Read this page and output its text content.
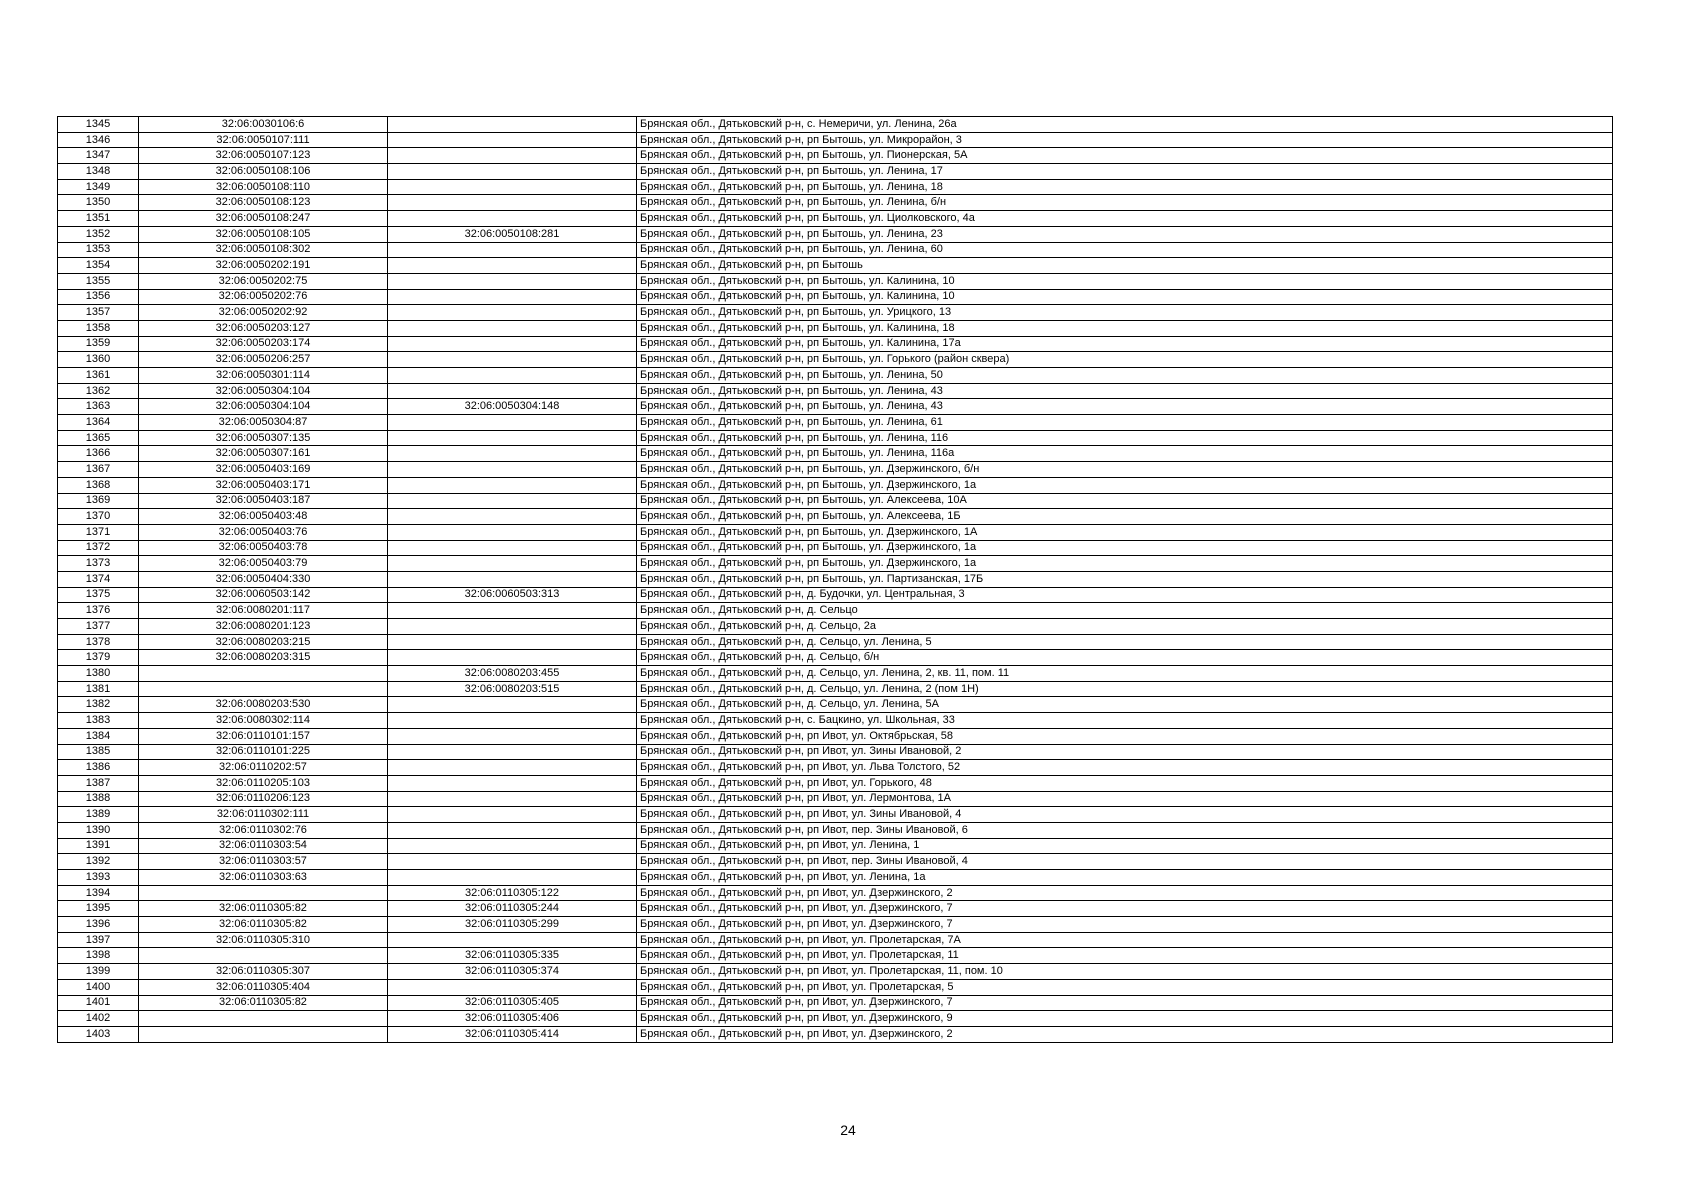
1345	32:06:0030106:6		Брянская обл., Дятьковский р-н, с. Немеричи, ул. Ленина, 26а
1346	32:06:0050107:111		Брянская обл., Дятьковский р-н, рп Бытошь, ул. Микрорайон, 3
1347	32:06:0050107:123		Брянская обл., Дятьковский р-н, рп Бытошь, ул. Пионерская, 5А
1348	32:06:0050108:106		Брянская обл., Дятьковский р-н, рп Бытошь, ул. Ленина, 17
1349	32:06:0050108:110		Брянская обл., Дятьковский р-н, рп Бытошь, ул. Ленина, 18
1350	32:06:0050108:123		Брянская обл., Дятьковский р-н, рп Бытошь, ул. Ленина, б/н
1351	32:06:0050108:247		Брянская обл., Дятьковский р-н, рп Бытошь, ул. Циолковского, 4а
1352	32:06:0050108:105	32:06:0050108:281	Брянская обл., Дятьковский р-н, рп Бытошь, ул. Ленина, 23
1353	32:06:0050108:302		Брянская обл., Дятьковский р-н, рп Бытошь, ул. Ленина, 60
1354	32:06:0050202:191		Брянская обл., Дятьковский р-н, рп Бытошь
1355	32:06:0050202:75		Брянская обл., Дятьковский р-н, рп Бытошь, ул. Калинина, 10
1356	32:06:0050202:76		Брянская обл., Дятьковский р-н, рп Бытошь, ул. Калинина, 10
1357	32:06:0050202:92		Брянская обл., Дятьковский р-н, рп Бытошь, ул. Урицкого, 13
1358	32:06:0050203:127		Брянская обл., Дятьковский р-н, рп Бытошь, ул. Калинина, 18
1359	32:06:0050203:174		Брянская обл., Дятьковский р-н, рп Бытошь, ул. Калинина, 17а
1360	32:06:0050206:257		Брянская обл., Дятьковский р-н, рп Бытошь, ул. Горького (район сквера)
1361	32:06:0050301:114		Брянская обл., Дятьковский р-н, рп Бытошь, ул. Ленина, 50
1362	32:06:0050304:104		Брянская обл., Дятьковский р-н, рп Бытошь, ул. Ленина, 43
1363	32:06:0050304:104	32:06:0050304:148	Брянская обл., Дятьковский р-н, рп Бытошь, ул. Ленина, 43
1364	32:06:0050304:87		Брянская обл., Дятьковский р-н, рп Бытошь, ул. Ленина, 61
1365	32:06:0050307:135		Брянская обл., Дятьковский р-н, рп Бытошь, ул. Ленина, 116
1366	32:06:0050307:161		Брянская обл., Дятьковский р-н, рп Бытошь, ул. Ленина, 116а
1367	32:06:0050403:169		Брянская обл., Дятьковский р-н, рп Бытошь, ул. Дзержинского, б/н
1368	32:06:0050403:171		Брянская обл., Дятьковский р-н, рп Бытошь, ул. Дзержинского, 1а
1369	32:06:0050403:187		Брянская обл., Дятьковский р-н, рп Бытошь, ул. Алексеева, 10А
1370	32:06:0050403:48		Брянская обл., Дятьковский р-н, рп Бытошь, ул. Алексеева, 1Б
1371	32:06:0050403:76		Брянская обл., Дятьковский р-н, рп Бытошь, ул. Дзержинского, 1А
1372	32:06:0050403:78		Брянская обл., Дятьковский р-н, рп Бытошь, ул. Дзержинского, 1а
1373	32:06:0050403:79		Брянская обл., Дятьковский р-н, рп Бытошь, ул. Дзержинского, 1а
1374	32:06:0050404:330		Брянская обл., Дятьковский р-н, рп Бытошь, ул. Партизанская, 17Б
1375	32:06:0060503:142	32:06:0060503:313	Брянская обл., Дятьковский р-н, д. Будочки, ул. Центральная, 3
1376	32:06:0080201:117		Брянская обл., Дятьковский р-н, д. Сельцо
1377	32:06:0080201:123		Брянская обл., Дятьковский р-н, д. Сельцо, 2а
1378	32:06:0080203:215		Брянская обл., Дятьковский р-н, д. Сельцо, ул. Ленина, 5
1379	32:06:0080203:315		Брянская обл., Дятьковский р-н, д. Сельцо, б/н
1380		32:06:0080203:455	Брянская обл., Дятьковский р-н, д. Сельцо, ул. Ленина, 2, кв. 11, пом. 11
1381		32:06:0080203:515	Брянская обл., Дятьковский р-н, д. Сельцо, ул. Ленина, 2 (пом 1Н)
1382	32:06:0080203:530		Брянская обл., Дятьковский р-н, д. Сельцо, ул. Ленина, 5А
1383	32:06:0080302:114		Брянская обл., Дятьковский р-н, с. Бацкино, ул. Школьная, 33
1384	32:06:0110101:157		Брянская обл., Дятьковский р-н, рп Ивот, ул. Октябрьская, 58
1385	32:06:0110101:225		Брянская обл., Дятьковский р-н, рп Ивот, ул. Зины Ивановой, 2
1386	32:06:0110202:57		Брянская обл., Дятьковский р-н, рп Ивот, ул. Льва Толстого, 52
1387	32:06:0110205:103		Брянская обл., Дятьковский р-н, рп Ивот, ул. Горького, 48
1388	32:06:0110206:123		Брянская обл., Дятьковский р-н, рп Ивот, ул. Лермонтова, 1А
1389	32:06:0110302:111		Брянская обл., Дятьковский р-н, рп Ивот, ул. Зины Ивановой, 4
1390	32:06:0110302:76		Брянская обл., Дятьковский р-н, рп Ивот, пер. Зины Ивановой, 6
1391	32:06:0110303:54		Брянская обл., Дятьковский р-н, рп Ивот, ул. Ленина, 1
1392	32:06:0110303:57		Брянская обл., Дятьковский р-н, рп Ивот, пер. Зины Ивановой, 4
1393	32:06:0110303:63		Брянская обл., Дятьковский р-н, рп Ивот, ул. Ленина, 1а
1394		32:06:0110305:122	Брянская обл., Дятьковский р-н, рп Ивот, ул. Дзержинского, 2
1395	32:06:0110305:82	32:06:0110305:244	Брянская обл., Дятьковский р-н, рп Ивот, ул. Дзержинского, 7
1396	32:06:0110305:82	32:06:0110305:299	Брянская обл., Дятьковский р-н, рп Ивот, ул. Дзержинского, 7
1397	32:06:0110305:310		Брянская обл., Дятьковский р-н, рп Ивот, ул. Пролетарская, 7А
1398		32:06:0110305:335	Брянская обл., Дятьковский р-н, рп Ивот, ул. Пролетарская, 11
1399	32:06:0110305:307	32:06:0110305:374	Брянская обл., Дятьковский р-н, рп Ивот, ул. Пролетарская, 11, пом. 10
1400	32:06:0110305:404		Брянская обл., Дятьковский р-н, рп Ивот, ул. Пролетарская, 5
1401	32:06:0110305:82	32:06:0110305:405	Брянская обл., Дятьковский р-н, рп Ивот, ул. Дзержинского, 7
1402		32:06:0110305:406	Брянская обл., Дятьковский р-н, рп Ивот, ул. Дзержинского, 9
1403		32:06:0110305:414	Брянская обл., Дятьковский р-н, рп Ивот, ул. Дзержинского, 2
24
